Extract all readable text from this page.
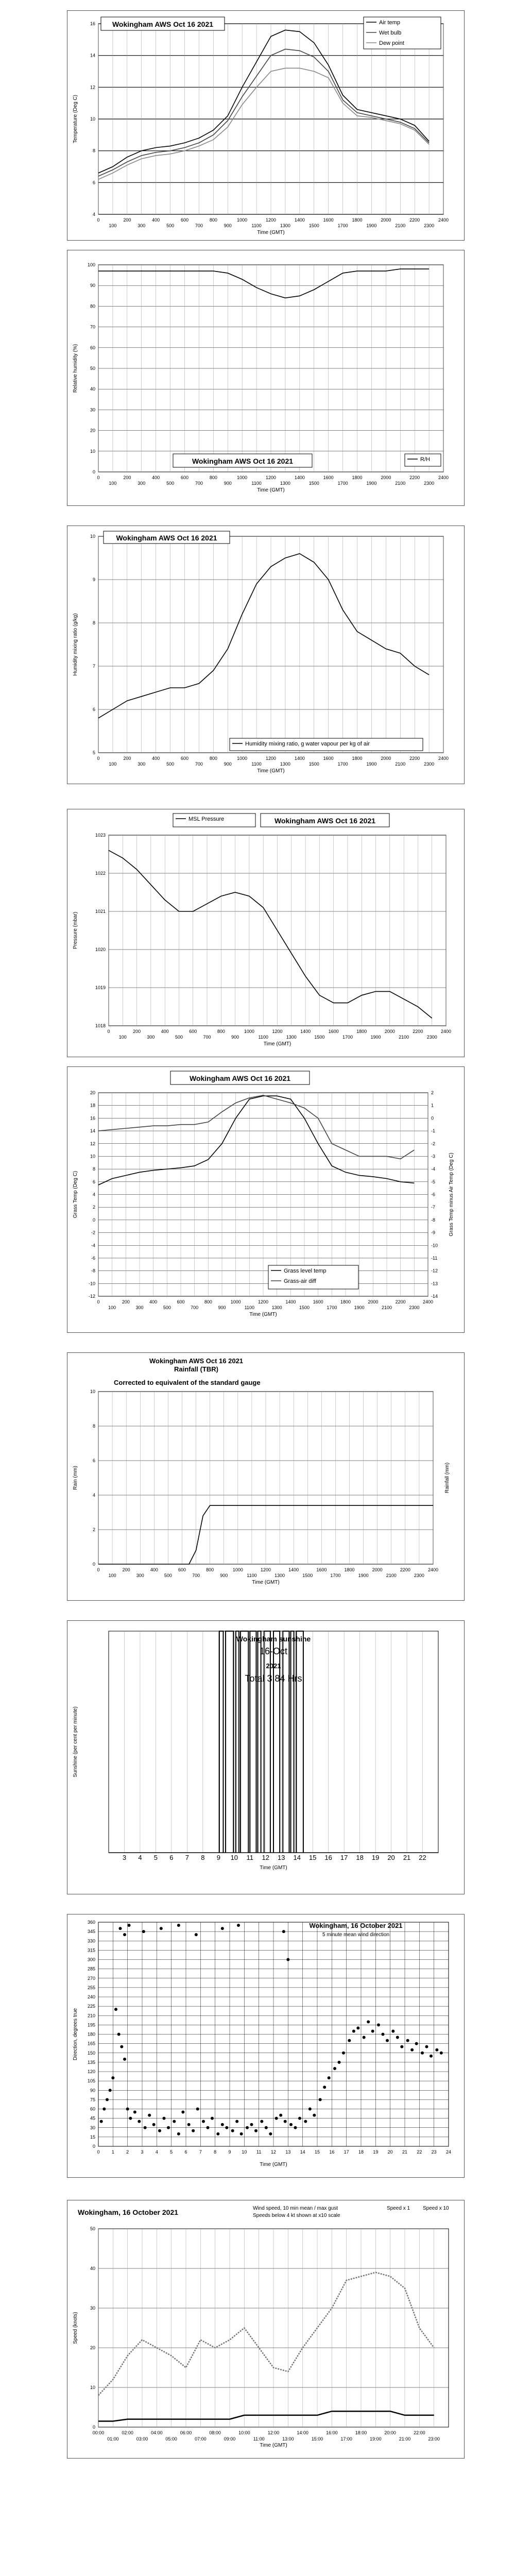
4
6
8
10
12
14
16
0
100
200
300
400
500
600
700
800
900
1000
1100
1200
1300
1400
1500
1600
1700
1800
1900
2000
2100
2200
2300
2400
Time (GMT)
Temperature (Deg C)
Wokingham AWS Oct 16 2021	Air temp
Wet bulb
Dew point
0
10
20
30
40
50
60
70
80
90
100
0
100
200
300
400
500
600
700
800
900
1000
1100
1200
1300
1400
1500
1600
1700
1800
1900
2000
2100
2200
2300
2400
Time (GMT)
Relative humidity (%)
Wokingham AWS Oct 16 2021	R/H
5
6
7
8
9
10
0
100
200
300
400
500
600
700
800
900
1000
1100
1200
1300
1400
1500
1600
1700
1800
1900
2000
2100
2200
2300
2400
Time (GMT)
Humidity mixing ratio (g/kg)
Wokingham AWS Oct 16 2021
Humidity mixing ratio, g water vapour per kg of air
1018
1019
1020
1021
1022
1023
0
100
200
300
400
500
600
700
800
900
1000
1100
1200
1300
1400
1500
1600
1700
1800
1900
2000
2100
2200
2300
2400
Time (GMT)
Pressure (mbar)
Wokingham AWS Oct 16 2021
MSL Pressure
-12
-10
-8
-6
-4
-2
0
2
4
6
8
10
12
14
16
18
20
-14
-13
-12
-11
-10
-9
-8
-7
-6
-5
-4
-3
-2
-1
0
1
2
0
100
200
300
400
500
600
700
800
900
1000
1100
1200
1300
1400
1500
1600
1700
1800
1900
2000
2100
2200
2300
2400
Time (GMT)
Grass Temp (Deg C)	Grass Temp minus Air Temp (Deg C)
Wokingham AWS Oct 16 2021
Grass level temp
Grass-air diff
0
2
4
6
8
10
0
100
200
300
400
500
600
700
800
900
1000
1100
1200
1300
1400
1500
1600
1700
1800
1900
2000
2100
2200
2300
2400
Time (GMT)
Rain (mm)	Rainfall (mm)
Wokingham AWS Oct 16 2021
Rainfall (TBR)
Corrected to equivalent of the standard gauge
3 4 5 6 7 8 9 10 11 12 13 14 15 16 17 18 19 20 21 22
Time (GMT)
Sunshine (per cent per minute)
Wokingham sunshine
16-Oct
2021
Total 3.84 Hrs
0
15
30
45
60
75
90
105
120
135
150
165
180
195
210
225
240
255
270
285
300
315
330
345
360
0	1	2	3	4	5	6	7	8	9 10 11 12 13 14 15 16 17 18 19 20 21 22 23 24
Time (GMT)
Direction, degrees true
Wokingham, 16 October 2021
5 minute mean wind direction
0
10
20
30
40
50
00:00
01:00
02:00
03:00
04:00
05:00
06:00
07:00
08:00
09:00
10:00
11:00
12:00
13:00
14:00
15:00
16:00
17:00
18:00
19:00
20:00
21:00
22:00
23:00
Time (GMT)
Speed (knots)
Wokingham, 16 October 2021	Wind speed, 10 min mean / max gust
Speeds below 4 kt shown at x10 scale
Speed x 1 Speed x 10
